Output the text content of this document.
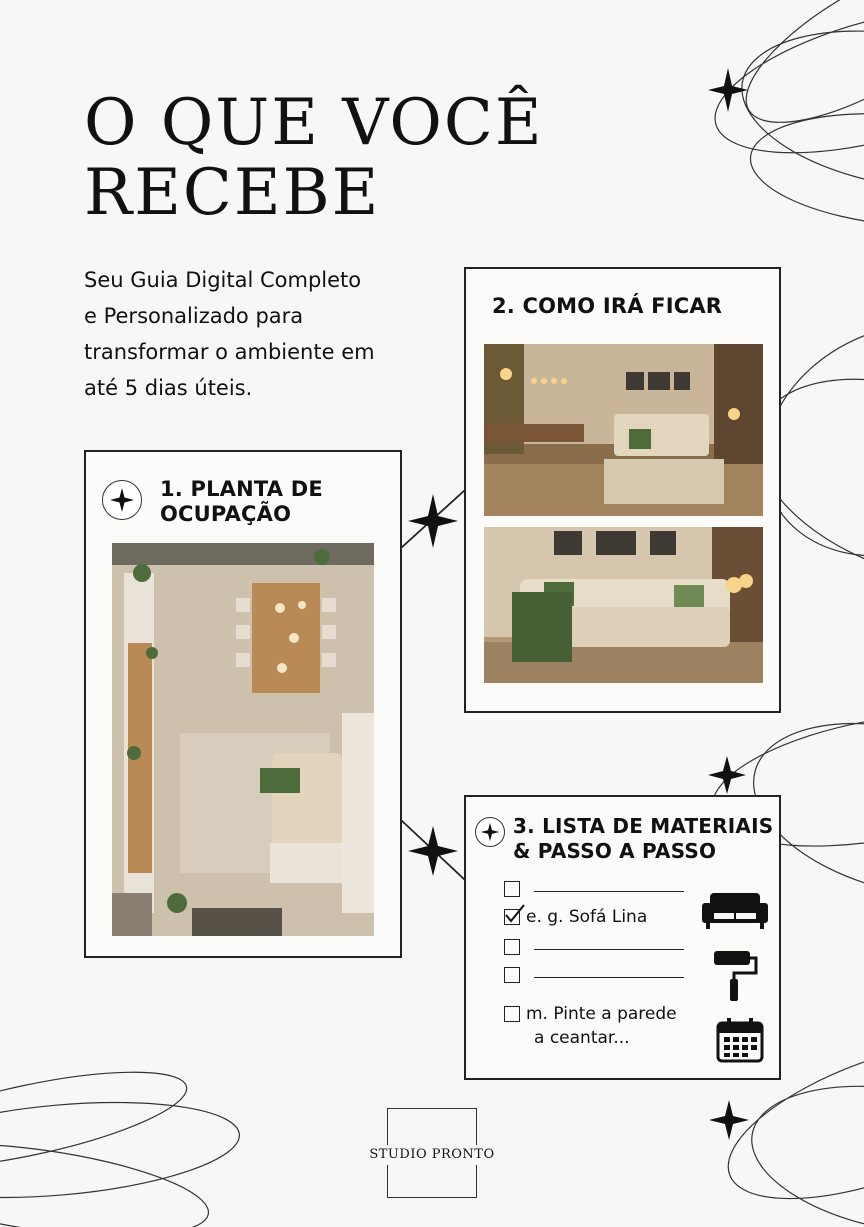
O QUE VOCÊ
RECEBE
Seu Guia Digital Completo
e Personalizado para
transformar o ambiente em
até 5 dias úteis.
1. PLANTA DE
OCUPAÇÃO
2. COMO IRÁ FICAR
3. LISTA DE MATERIAIS
& PASSO A PASSO
e. g. Sofá Lina
m. Pinte a parede
a ceantar...
STUDIO PRONTO
